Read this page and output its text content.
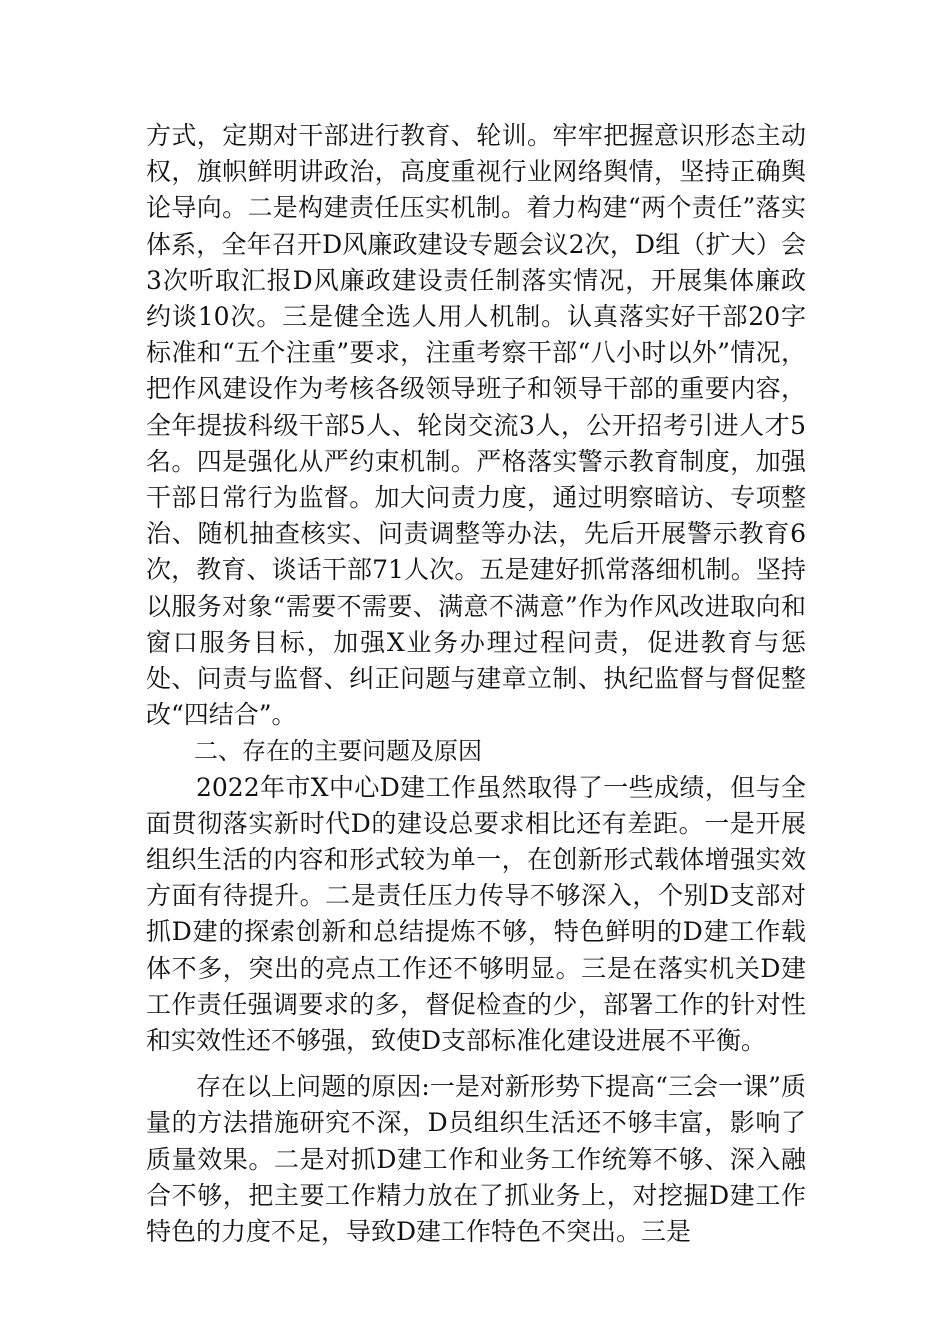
方式，定期对干部进行教育、轮训。牢牢把握意识形态主动权，旗帜鲜明讲政治，高度重视行业网络舆情，坚持正确舆论导向。二是构建责任压实机制。着力构建“两个责任”落实体系，全年召开D风廉政建设专题会议2次，D组（扩大）会3次听取汇报D风廉政建设责任制落实情况，开展集体廉政约谈10次。三是健全选人用人机制。认真落实好干部20字标准和“五个注重”要求，注重考察干部“八小时以外”情况，把作风建设作为考核各级领导班子和领导干部的重要内容，全年提拔科级干部5人、轮岗交流3人，公开招考引进人才5名。四是强化从严约束机制。严格落实警示教育制度，加强干部日常行为监督。加大问责力度，通过明察暗访、专项整治、随机抽查核实、问责调整等办法，先后开展警示教育6次，教育、谈话干部71人次。五是建好抓常落细机制。坚持以服务对象“需要不需要、满意不满意”作为作风改进取向和窗口服务目标，加强X业务办理过程问责，促进教育与惩处、问责与监督、纠正问题与建章立制、执纪监督与督促整改“四结合”。

二、存在的主要问题及原因

2022年市X中心D建工作虽然取得了一些成绩，但与全面贯彻落实新时代D的建设总要求相比还有差距。一是开展组织生活的内容和形式较为单一，在创新形式载体增强实效方面有待提升。二是责任压力传导不够深入，个别D支部对抓D建的探索创新和总结提炼不够，特色鲜明的D建工作载体不多，突出的亮点工作还不够明显。三是在落实机关D建工作责任强调要求的多，督促检查的少，部署工作的针对性和实效性还不够强，致使D支部标准化建设进展不平衡。

存在以上问题的原因:一是对新形势下提高“三会一课”质量的方法措施研究不深，D员组织生活还不够丰富，影响了质量效果。二是对抓D建工作和业务工作统筹不够、深入融合不够，把主要工作精力放在了抓业务上，对挖掘D建工作特色的力度不足，导致D建工作特色不突出。三是
